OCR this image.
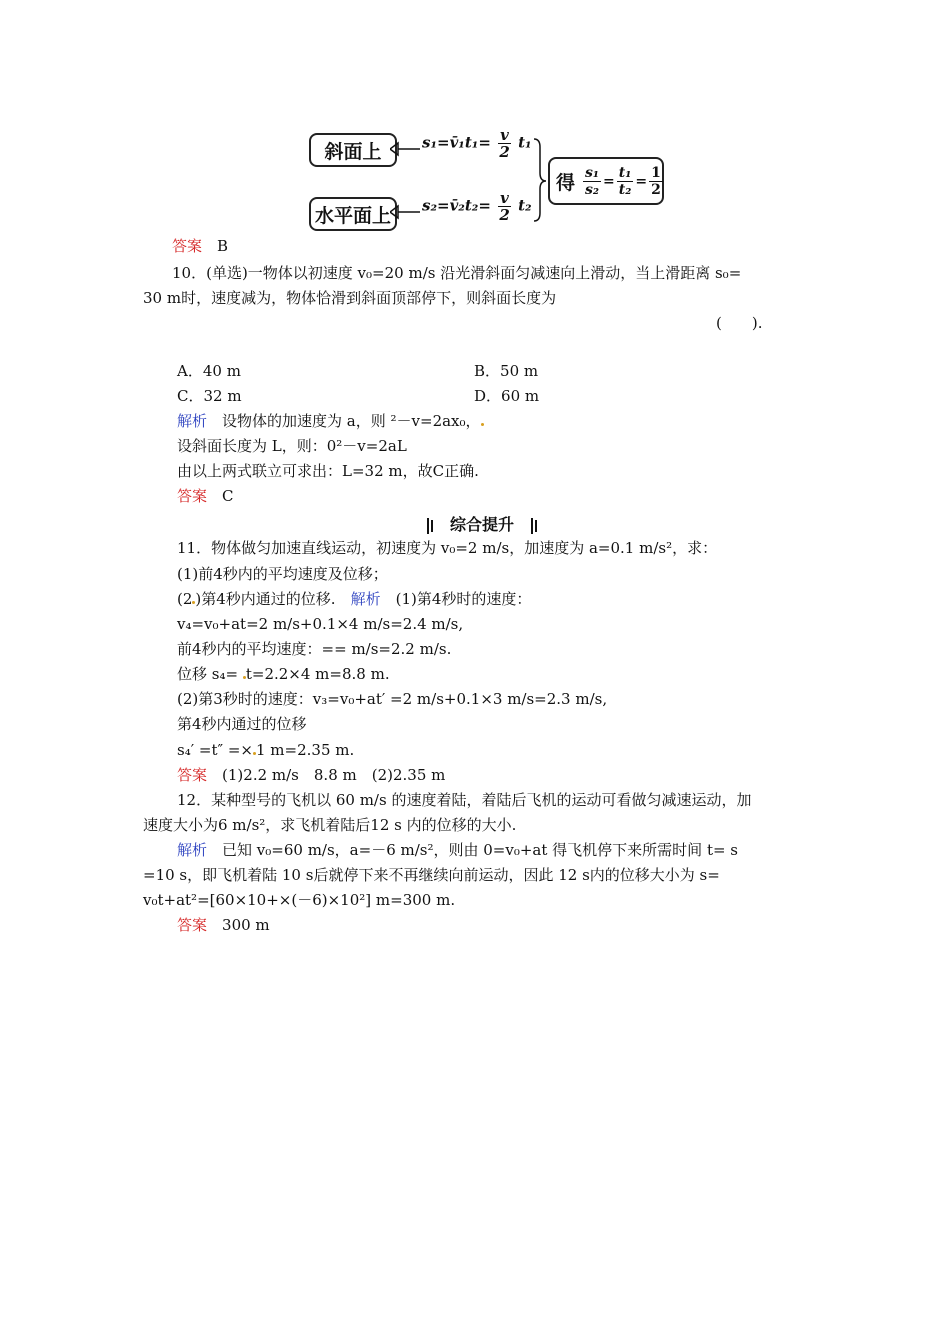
斜面上
水平面上
s₁=v̄₁t₁= $\frac{v}{2} t_1$
s₂=v̄₂t₂= $\frac{v}{2} t_2$
得 $\frac{\text{s₁}}{\text{s₂}} = \frac{\text{t₁}}{\text{t₂}} = \frac{1}{2}$
答案　 B
10．(单选)一物体以初速度 v₀=20 m/s 沿光滑斜面匀减速向上滑动，当上滑距离 s₀=
30 m时，速度减为，物体恰滑到斜面顶部停下，则斜面长度为
(　　).
A．40 m	B．50 m
C．32 m	D．60 m
解析　 设物体的加速度为 a，则 ²－v=2ax₀，
设斜面长度为 L，则：0²－v=2aL
由以上两式联立可求出：L=32 m，故C正确.
答案　 C
　综合提升　
11．物体做匀加速直线运动，初速度为 v₀=2 m/s，加速度为 a=0.1 m/s²，求：
(1)前4秒内的平均速度及位移；
(2 )第4秒内通过的位移.　 解析　 (1)第4秒时的速度：
v₄=v₀+at=2 m/s+0.1×4 m/s=2.4 m/s,
前4秒内的平均速度：== m/s=2.2 m/s.
位移 s₄= t=2.2×4 m=8.8 m.
(2)第3秒时的速度：v₃=v₀+at′ =2 m/s+0.1×3 m/s=2.3 m/s,
第4秒内通过的位移
s₄′ =t″ =× 1 m=2.35 m.
答案　 (1)2.2 m/s　8.8 m　(2)2.35 m
12．某种型号的飞机以 60 m/s 的速度着陆，着陆后飞机的运动可看做匀减速运动，加
速度大小为6 m/s²，求飞机着陆后12 s 内的位移的大小.
解析　 已知 v₀=60 m/s，a=－6 m/s²，则由 0=v₀+at 得飞机停下来所需时间 t= s
=10 s，即飞机着陆 10 s后就停下来不再继续向前运动，因此 12 s内的位移大小为 s=
v₀t+at²=[60×10+×(－6)×10²] m=300 m.
答案　 300 m
